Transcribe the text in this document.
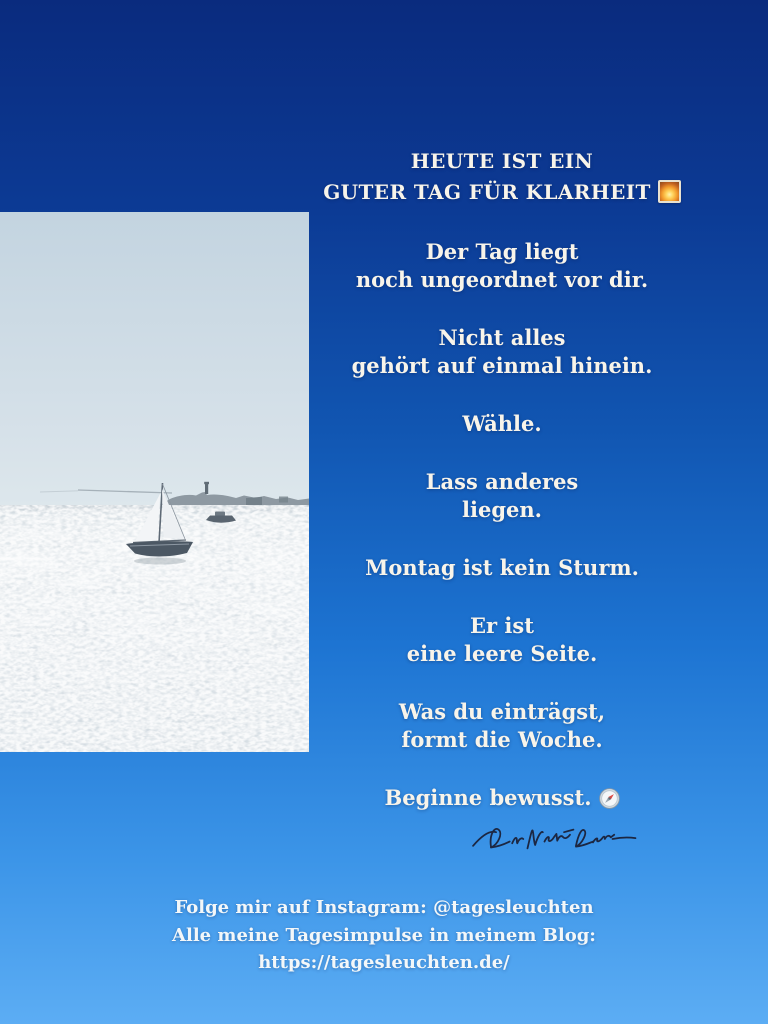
HEUTE IST EIN
GUTER TAG FÜR KLARHEIT

Der Tag liegt
noch ungeordnet vor dir.

Nicht alles
gehört auf einmal hinein.

Wähle.

Lass anderes
liegen.

Montag ist kein Sturm.

Er ist
eine leere Seite.

Was du einträgst,
formt die Woche.

Beginne bewusst.

Folge mir auf Instagram: @tagesleuchten
Alle meine Tagesimpulse in meinem Blog:
https://tagesleuchten.de/
